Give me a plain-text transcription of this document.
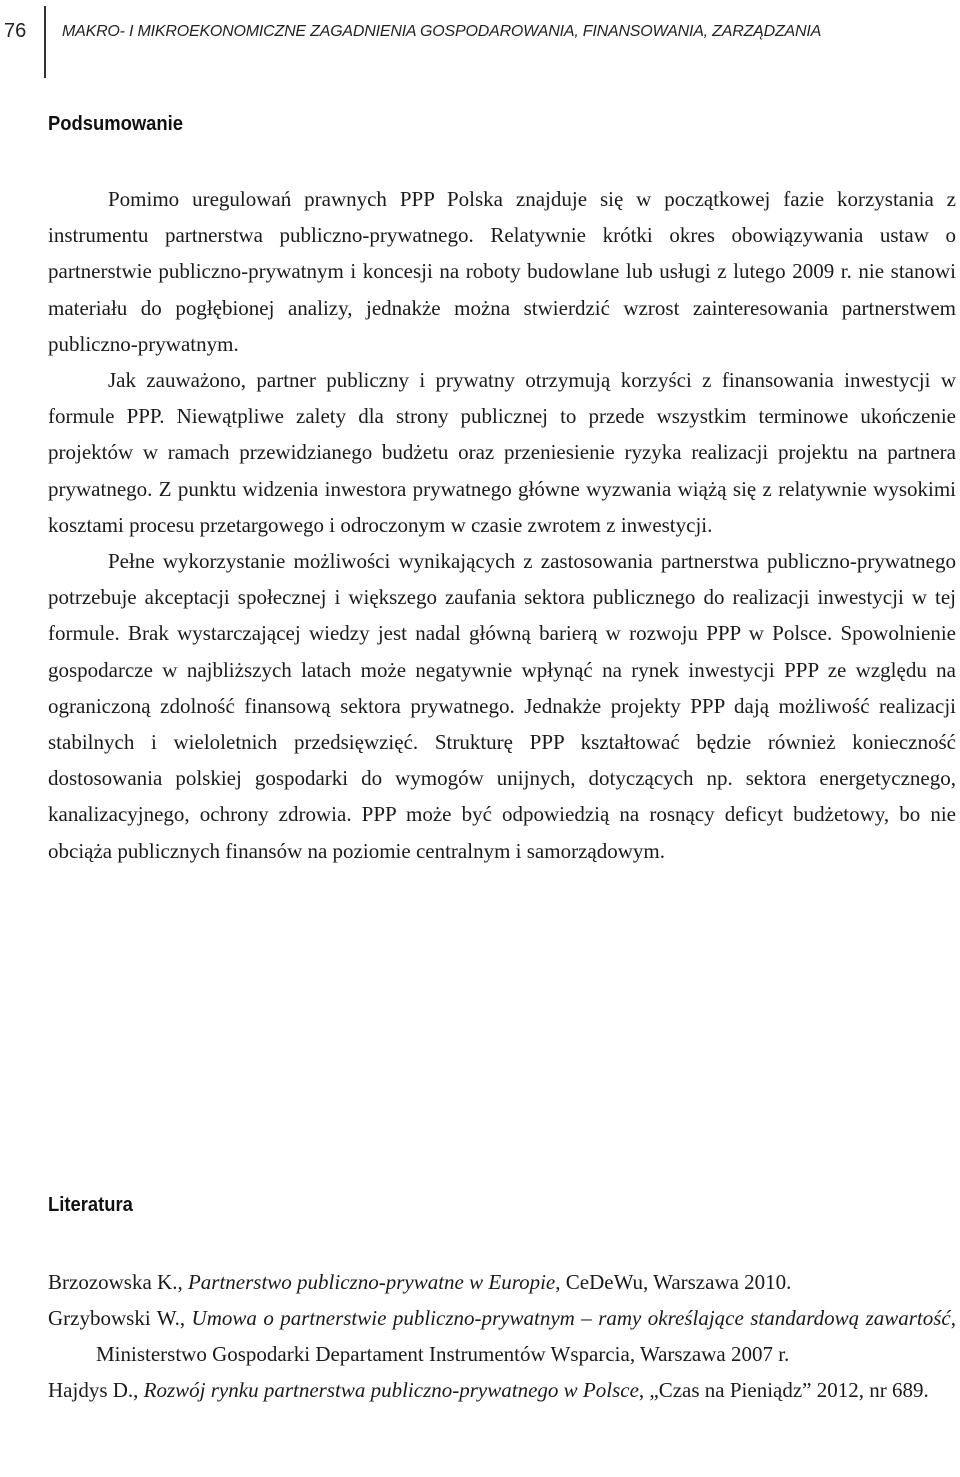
76 MAKRO- I MIKROEKONOMICZNE ZAGADNIENIA GOSPODAROWANIA, FINANSOWANIA, ZARZĄDZANIA
Podsumowanie

Pomimo uregulowań prawnych PPP Polska znajduje się w początkowej fazie korzystania z instrumentu partnerstwa publiczno-prywatnego. Relatywnie krótki okres obowiązywania ustaw o partnerstwie publiczno-prywatnym i koncesji na roboty budowlane lub usługi z lutego 2009 r. nie stanowi materiału do pogłębionej analizy, jednakże można stwierdzić wzrost zainteresowania partnerstwem publiczno-prywatnym.

Jak zauważono, partner publiczny i prywatny otrzymują korzyści z finansowania inwestycji w formule PPP. Niewątpliwe zalety dla strony publicznej to przede wszystkim terminowe ukończenie projektów w ramach przewidzianego budżetu oraz przeniesienie ryzyka realizacji projektu na partnera prywatnego. Z punktu widzenia inwestora prywatnego główne wyzwania wiążą się z relatywnie wysokimi kosztami procesu przetargowego i odroczonym w czasie zwrotem z inwestycji.

Pełne wykorzystanie możliwości wynikających z zastosowania partnerstwa publiczno-prywatnego potrzebuje akceptacji społecznej i większego zaufania sektora publicznego do realizacji inwestycji w tej formule. Brak wystarczającej wiedzy jest nadal główną barierą w rozwoju PPP w Polsce. Spowolnienie gospodarcze w najbliższych latach może negatywnie wpłynąć na rynek inwestycji PPP ze względu na ograniczoną zdolność finansową sektora prywatnego. Jednakże projekty PPP dają możliwość realizacji stabilnych i wieloletnich przedsięwzięć. Strukturę PPP kształtować będzie również konieczność dostosowania polskiej gospodarki do wymogów unijnych, dotyczących np. sektora energetycznego, kanalizacyjnego, ochrony zdrowia. PPP może być odpowiedzią na rosnący deficyt budżetowy, bo nie obciąża publicznych finansów na poziomie centralnym i samorządowym.

Literatura

Brzozowska K., Partnerstwo publiczno-prywatne w Europie, CeDeWu, Warszawa 2010.

Grzybowski W., Umowa o partnerstwie publiczno-prywatnym – ramy określające standardową zawartość, Ministerstwo Gospodarki Departament Instrumentów Wsparcia, Warszawa 2007 r.

Hajdys D., Rozwój rynku partnerstwa publiczno-prywatnego w Polsce, „Czas na Pieniądz” 2012, nr 689.
